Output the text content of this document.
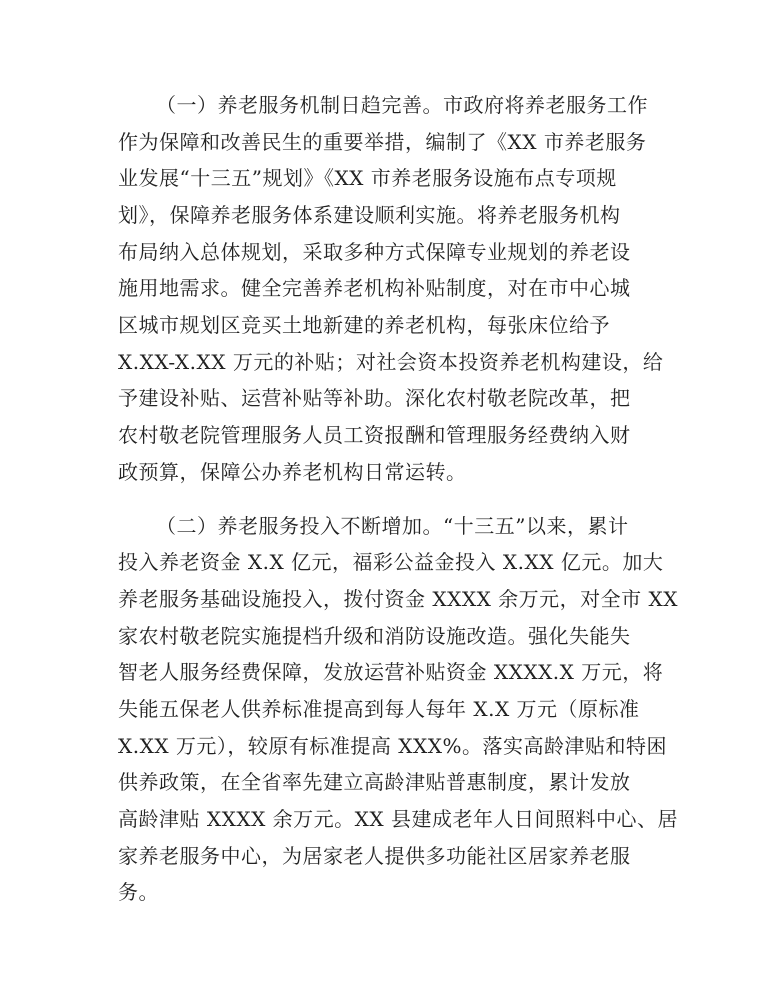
（一）养老服务机制日趋完善。市政府将养老服务工作
作为保障和改善民生的重要举措，编制了《XX 市养老服务
业发展“十三五”规划》《XX 市养老服务设施布点专项规
划》，保障养老服务体系建设顺利实施。将养老服务机构
布局纳入总体规划，采取多种方式保障专业规划的养老设
施用地需求。健全完善养老机构补贴制度，对在市中心城
区城市规划区竞买土地新建的养老机构，每张床位给予
X.XX-X.XX 万元的补贴；对社会资本投资养老机构建设，给
予建设补贴、运营补贴等补助。深化农村敬老院改革，把
农村敬老院管理服务人员工资报酬和管理服务经费纳入财
政预算，保障公办养老机构日常运转。
（二）养老服务投入不断增加。“十三五”以来，累计
投入养老资金 X.X 亿元，福彩公益金投入 X.XX 亿元。加大
养老服务基础设施投入，拨付资金 XXXX 余万元，对全市 XX
家农村敬老院实施提档升级和消防设施改造。强化失能失
智老人服务经费保障，发放运营补贴资金 XXXX.X 万元，将
失能五保老人供养标准提高到每人每年 X.X 万元（原标准
X.XX 万元），较原有标准提高 XXX%。落实高龄津贴和特困
供养政策，在全省率先建立高龄津贴普惠制度，累计发放
高龄津贴 XXXX 余万元。XX 县建成老年人日间照料中心、居
家养老服务中心，为居家老人提供多功能社区居家养老服
务。
